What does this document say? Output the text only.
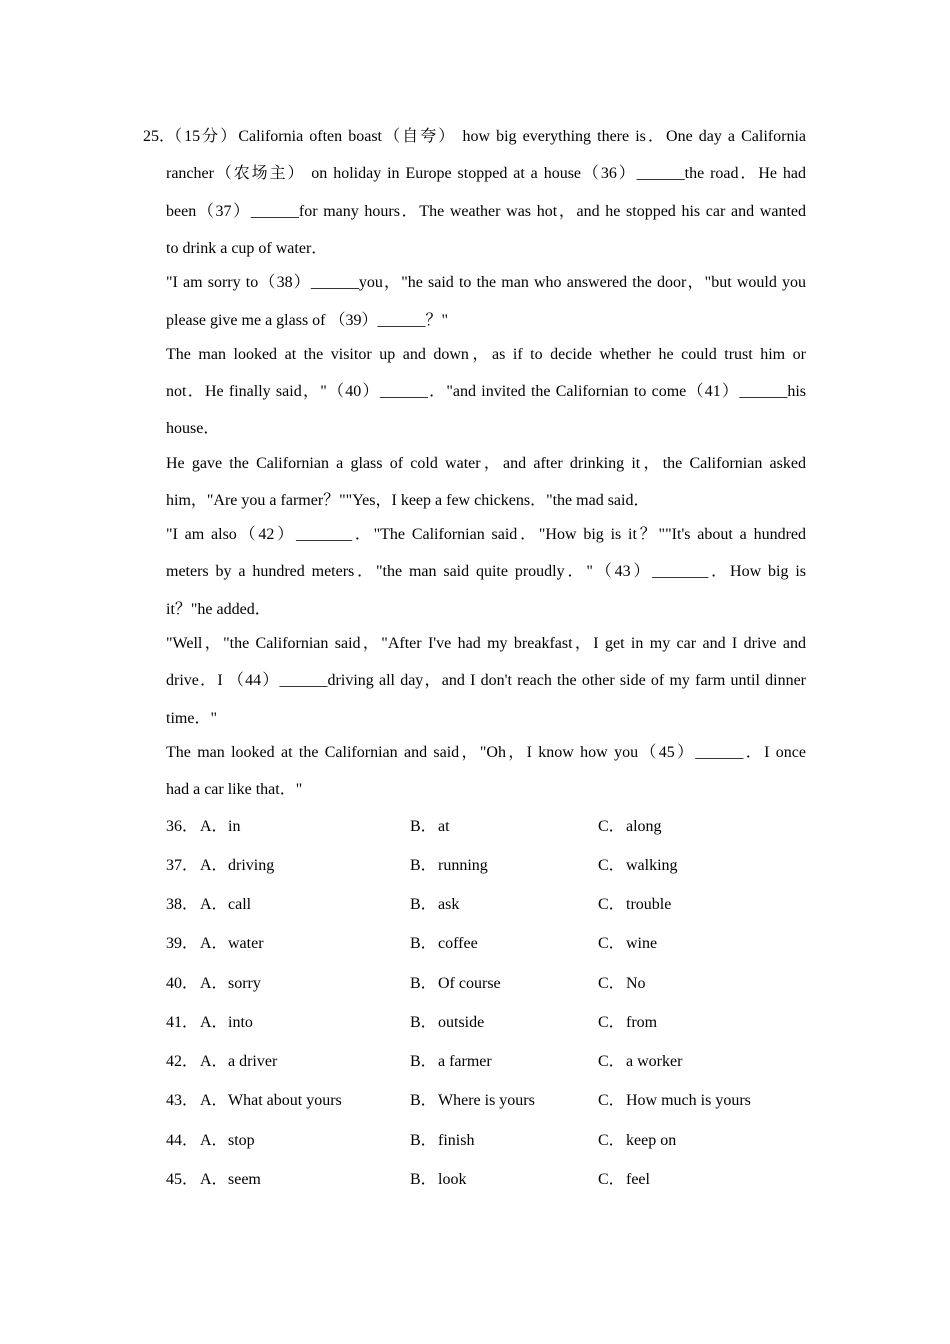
25．
（15分）California often boast（自夸） how big everything there is．One day a California
rancher（农场主） on holiday in Europe stopped at a house（36）______the road．He had
been（37）______for many hours．The weather was hot，and he stopped his car and wanted
to drink a cup of water．
"I am sorry to（38）______you，"he said to the man who answered the door，"but would you
please give me a glass of （39）______？"
The man looked at the visitor up and down，as if to decide whether he could trust him or
not．He finally said，"（40）______．"and invited the Californian to come（41）______his
house．
He gave the Californian a glass of cold water，and after drinking it，the Californian asked
him，"Are you a farmer？""Yes，I keep a few chickens．"the mad said．
"I am also（42）_______．"The Californian said．"How big is it？""It's about a hundred
meters by a hundred meters．"the man said quite proudly．"（43）_______．How big is
it？"he added．
"Well，"the Californian said，"After I've had my breakfast，I get in my car and I drive and
drive．I （44）______driving all day，and I don't reach the other side of my farm until dinner
time．"
The man looked at the Californian and said，"Oh，I know how you（45）______．I once
had a car like that．"
36． A．in	B．at	C．along
37． A．driving	B．running	C．walking
38． A．call	B．ask	C．trouble
39． A．water	B．coffee	C．wine
40． A．sorry	B．Of course	C．No
41． A．into	B．outside	C．from
42． A．a driver	B．a farmer	C．a worker
43． A．What about yours	B．Where is yours	C．How much is yours
44． A．stop	B．finish	C．keep on
45． A．seem	B．look	C．feel
